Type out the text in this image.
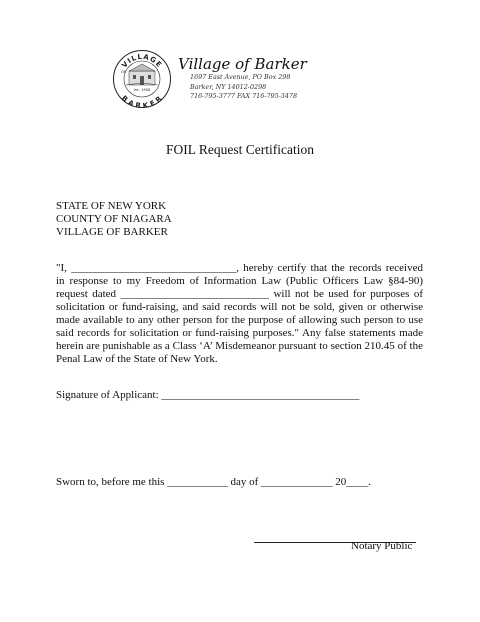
VILLAGE
BARKER
OF
Inc. 1908
Village of Barker
1697 East Avenue, PO Box 298
Barker, NY 14012-0298
716-795-3777 FAX 716-795-3478
FOIL Request Certification
STATE OF NEW YORK
COUNTY OF NIAGARA
VILLAGE OF BARKER
"I, ______________________________, hereby certify that the records received in response to my Freedom of Information Law (Public Officers Law §84-90) request dated ___________________________ will not be used for purposes of solicitation or fund-raising, and said records will not be sold, given or otherwise made available to any other person for the purpose of allowing such person to use said records for solicitation or fund-raising purposes." Any false statements made herein are punishable as a Class ‘A’ Misdemeanor pursuant to section 210.45 of the Penal Law of the State of New York.
Signature of Applicant: ____________________________________
Sworn to, before me this ___________ day of _____________ 20____.
Notary Public
